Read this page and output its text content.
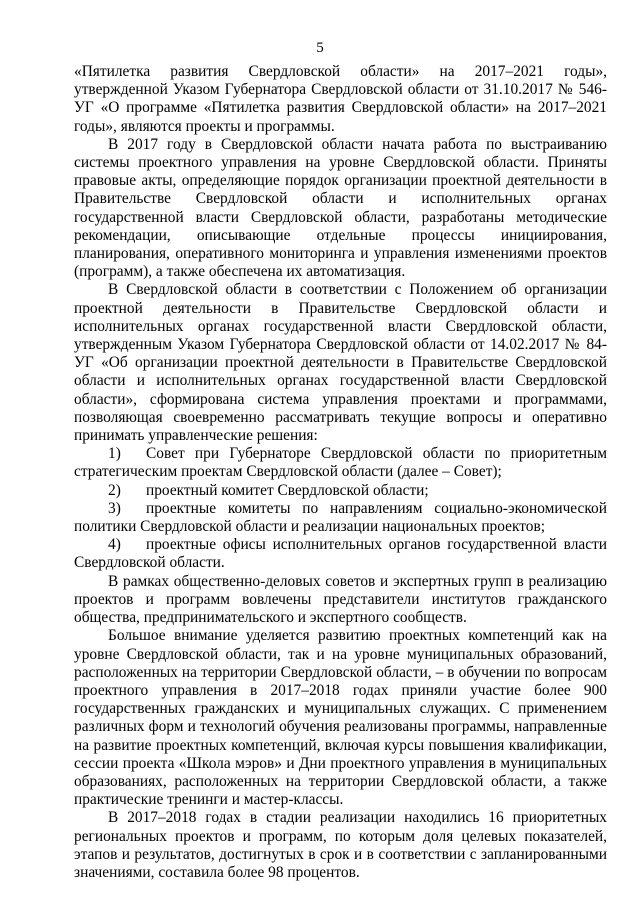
5

«Пятилетка развития Свердловской области» на 2017–2021 годы», утвержденной Указом Губернатора Свердловской области от 31.10.2017 № 546-УГ «О программе «Пятилетка развития Свердловской области» на 2017–2021 годы», являются проекты и программы.

В 2017 году в Свердловской области начата работа по выстраиванию системы проектного управления на уровне Свердловской области. Приняты правовые акты, определяющие порядок организации проектной деятельности в Правительстве Свердловской области и исполнительных органах государственной власти Свердловской области, разработаны методические рекомендации, описывающие отдельные процессы инициирования, планирования, оперативного мониторинга и управления изменениями проектов (программ), а также обеспечена их автоматизация.

В Свердловской области в соответствии с Положением об организации проектной деятельности в Правительстве Свердловской области и исполнительных органах государственной власти Свердловской области, утвержденным Указом Губернатора Свердловской области от 14.02.2017 № 84-УГ «Об организации проектной деятельности в Правительстве Свердловской области и исполнительных органах государственной власти Свердловской области», сформирована система управления проектами и программами, позволяющая своевременно рассматривать текущие вопросы и оперативно принимать управленческие решения:

1) Совет при Губернаторе Свердловской области по приоритетным стратегическим проектам Свердловской области (далее – Совет);

2) проектный комитет Свердловской области;

3) проектные комитеты по направлениям социально-экономической политики Свердловской области и реализации национальных проектов;

4) проектные офисы исполнительных органов государственной власти Свердловской области.

В рамках общественно-деловых советов и экспертных групп в реализацию проектов и программ вовлечены представители институтов гражданского общества, предпринимательского и экспертного сообществ.

Большое внимание уделяется развитию проектных компетенций как на уровне Свердловской области, так и на уровне муниципальных образований, расположенных на территории Свердловской области, – в обучении по вопросам проектного управления в 2017–2018 годах приняли участие более 900 государственных гражданских и муниципальных служащих. С применением различных форм и технологий обучения реализованы программы, направленные на развитие проектных компетенций, включая курсы повышения квалификации, сессии проекта «Школа мэров» и Дни проектного управления в муниципальных образованиях, расположенных на территории Свердловской области, а также практические тренинги и мастер-классы.

В 2017–2018 годах в стадии реализации находились 16 приоритетных региональных проектов и программ, по которым доля целевых показателей, этапов и результатов, достигнутых в срок и в соответствии с запланированными значениями, составила более 98 процентов.
